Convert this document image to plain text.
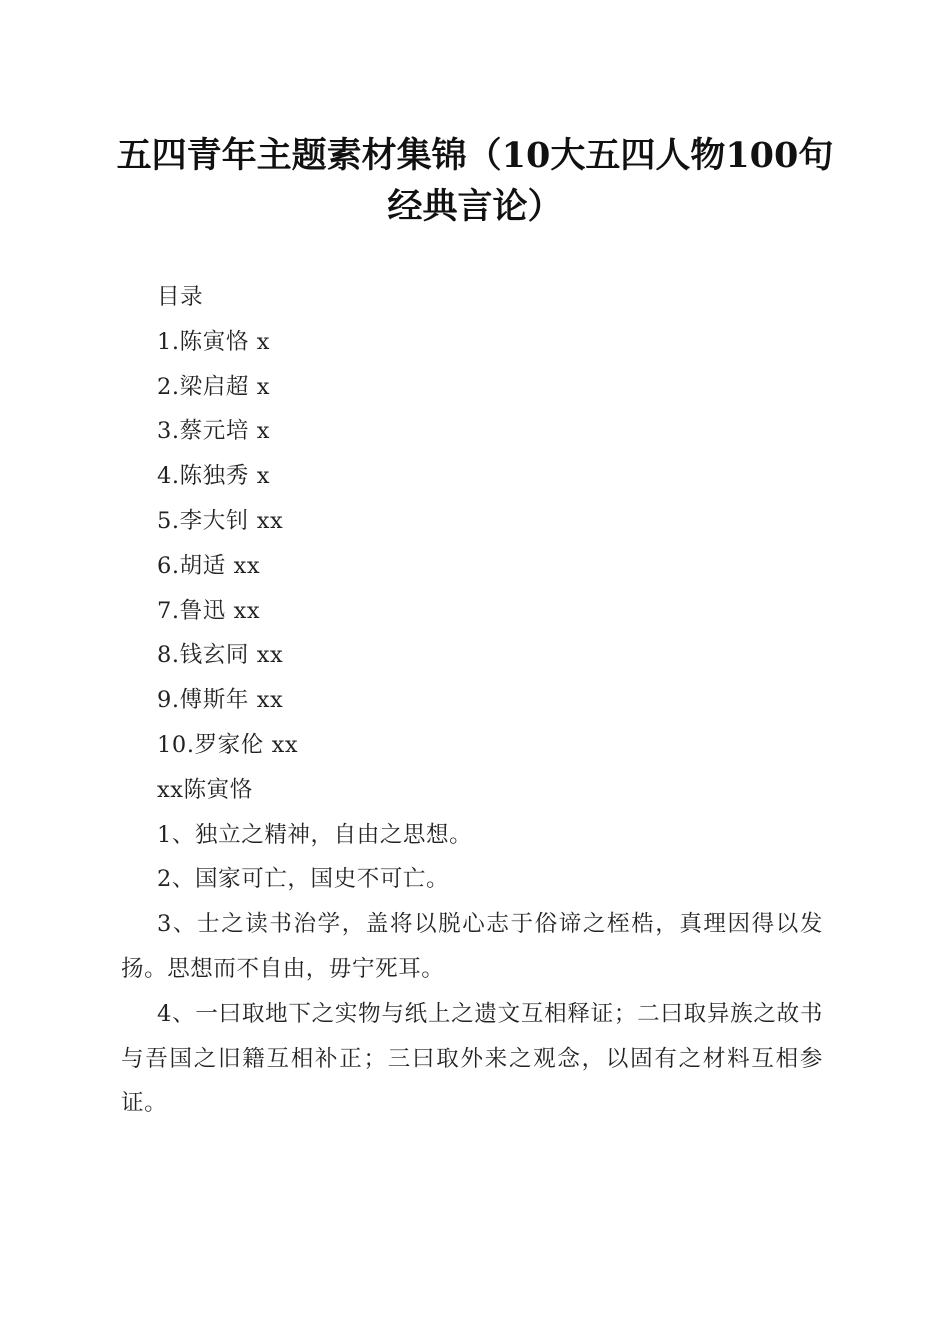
五四青年主题素材集锦（10大五四人物100句经典言论）
目录
1.陈寅恪 x
2.梁启超 x
3.蔡元培 x
4.陈独秀 x
5.李大钊 xx
6.胡适 xx
7.鲁迅 xx
8.钱玄同 xx
9.傅斯年 xx
10.罗家伦 xx
xx陈寅恪
1、独立之精神，自由之思想。
2、国家可亡，国史不可亡。
3、士之读书治学，盖将以脱心志于俗谛之桎梏，真理因得以发扬。思想而不自由，毋宁死耳。
4、一曰取地下之实物与纸上之遗文互相释证；二曰取异族之故书与吾国之旧籍互相补正；三曰取外来之观念，以固有之材料互相参证。
